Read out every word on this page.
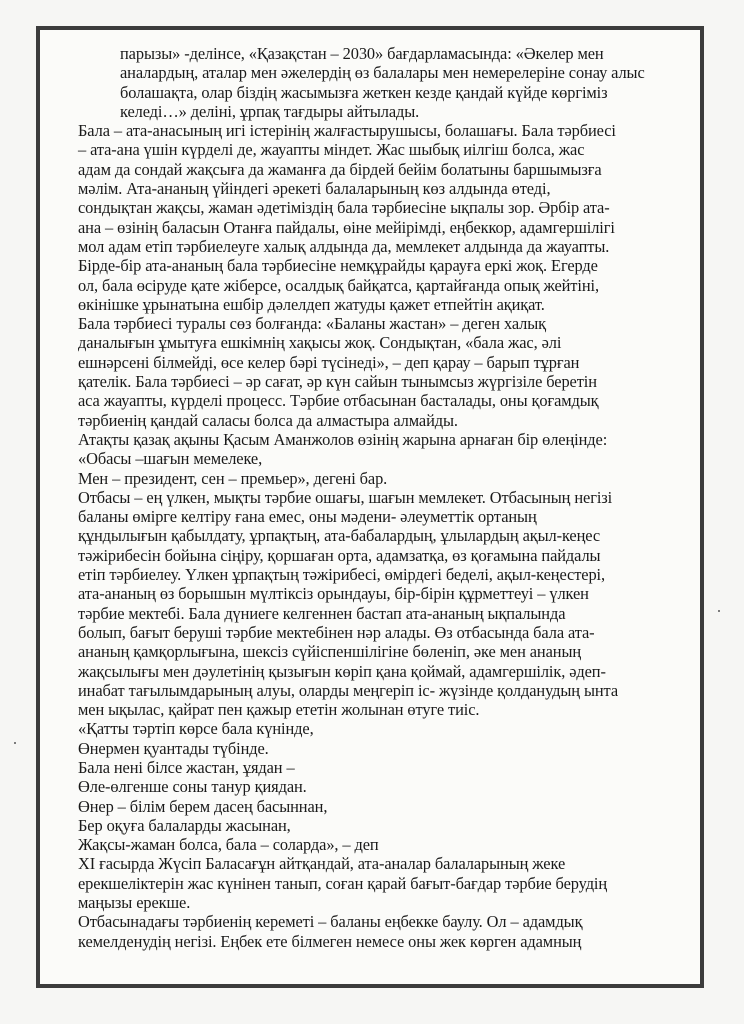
парызы» -делінсе, «Қазақстан – 2030» бағдарламасында: «Әкелер мен
аналардың, аталар мен әжелердің өз балалары мен немерелеріне сонау алыс
болашақта, олар біздің жасымызға жеткен кезде қандай күйде көргіміз
келеді…» деліні, ұрпақ тағдыры айтылады.
Бала – ата-анасының игі істерінің жалғастырушысы, болашағы. Бала тәрбиесі
– ата-ана үшін күрделі де, жауапты міндет. Жас шыбық иілгіш болса, жас
адам да сондай жақсыға да жаманға да бірдей бейім болатыны баршымызға
мәлім. Ата-ананың үйіндегі әрекеті балаларының көз алдында өтеді,
сондықтан жақсы, жаман әдетіміздің бала тәрбиесіне ықпалы зор. Әрбір ата-
ана – өзінің баласын Отанға пайдалы, өіне мейірімді, еңбеккор, адамгершілігі
мол адам етіп тәрбиелеуге халық алдында да, мемлекет алдында да жауапты.
Бірде-бір ата-ананың бала тәрбиесіне немқұрайды қарауға еркі жоқ. Егерде
ол, бала өсіруде қате жіберсе, осалдық байқатса, қартайғанда опық жейтіні,
өкінішке ұрынатына ешбір дәлелдеп жатуды қажет етпейтін ақиқат.
Бала тәрбиесі туралы сөз болғанда: «Баланы жастан» – деген халық
даналығын ұмытуға ешкімнің хақысы жоқ. Сондықтан, «бала жас, әлі
ешнәрсені білмейді, өсе келер бәрі түсінеді», – деп қарау – барып тұрған
қателік. Бала тәрбиесі – әр сағат, әр күн сайын тынымсыз жүргізіле беретін
аса жауапты, күрделі процесс. Тәрбие отбасынан басталады, оны қоғамдық
тәрбиенің қандай саласы болса да алмастыра алмайды.
Атақты қазақ ақыны Қасым Аманжолов өзінің жарына арнаған бір өлеңінде:
«Обасы –шағын мемелеке,
Мен – президент, сен – премьер», дегені бар.
Отбасы – ең үлкен, мықты тәрбие ошағы, шағын мемлекет. Отбасының негізі
баланы өмірге келтіру ғана емес, оны мәдени- әлеуметтік ортаның
құндылығын қабылдату, ұрпақтың, ата-бабалардың, ұлылардың ақыл-кеңес
тәжірибесін бойына сіңіру, қоршаған орта, адамзатқа, өз қоғамына пайдалы
етіп тәрбиелеу. Үлкен ұрпақтың тәжірибесі, өмірдегі беделі, ақыл-кеңестері,
ата-ананың өз борышын мүлтіксіз орындауы, бір-бірін құрметтеуі – үлкен
тәрбие мектебі. Бала дүниеге келгеннен бастап ата-ананың ықпалында
болып, бағыт беруші тәрбие мектебінен нәр алады. Өз отбасында бала ата-
ананың қамқорлығына, шексіз сүйіспеншілігіне бөленіп, әке мен ананың
жақсылығы мен дәулетінің қызығын көріп қана қоймай, адамгершілік, әдеп-
инабат тағылымдарының алуы, оларды меңгеріп іс- жүзінде қолданудың ынта
мен ықылас, қайрат пен қажыр ететін жолынан өтуге тиіс.
«Қатты тәртіп көрсе бала күнінде,
Өнермен қуантады түбінде.
Бала нені білсе жастан, ұядан –
Өле-өлгенше соны танyр қиядан.
Өнер – білім берем дасең басыннан,
Бер оқуға балаларды жасынан,
Жақсы-жаман болса, бала – соларда», – деп
ХІ ғасырда Жүсіп Баласағұн айтқандай, ата-аналар балаларының жеке
ерекшеліктерін жас күнінен танып, соған қарай бағыт-бағдар тәрбие берудің
маңызы ерекше.
Отбасынадағы тәрбиенің кереметі – баланы еңбекке баулу. Ол – адамдық
кемелденудің негізі. Еңбек ете білмеген немесе оны жек көрген адамның
